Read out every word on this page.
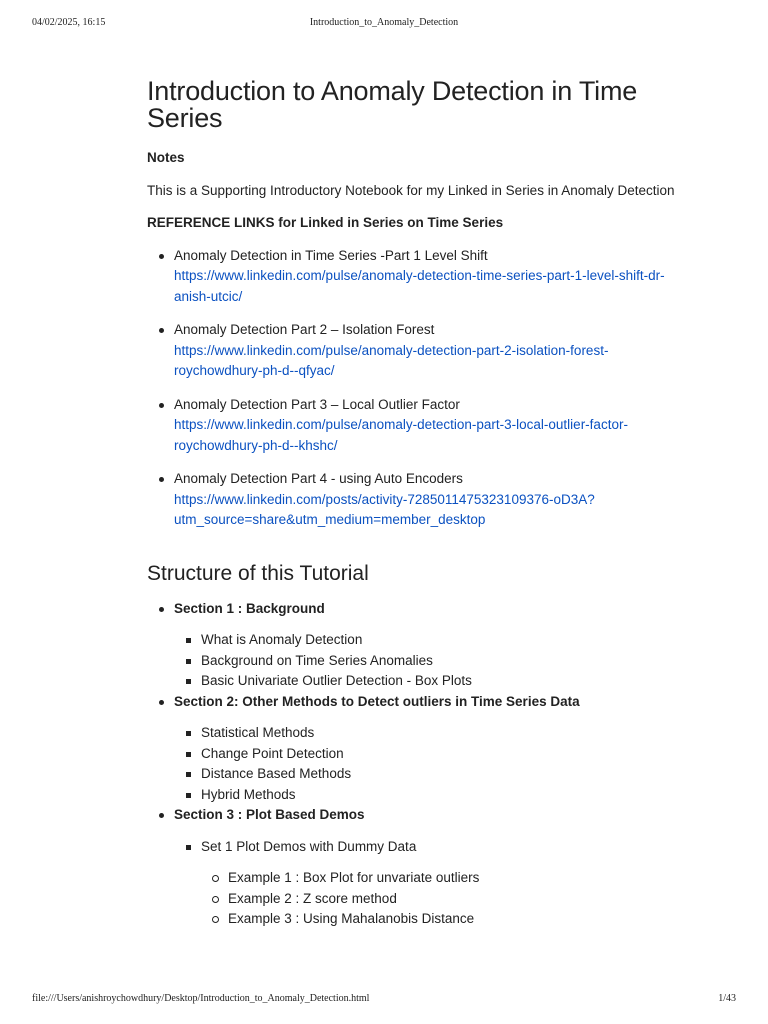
04/02/2025, 16:15	Introduction_to_Anomaly_Detection
Introduction to Anomaly Detection in Time Series

Notes

This is a Supporting Introductory Notebook for my Linked in Series in Anomaly Detection

REFERENCE LINKS for Linked in Series on Time Series

Anomaly Detection in Time Series -Part 1 Level Shift
https://www.linkedin.com/pulse/anomaly-detection-time-series-part-1-level-shift-dr-anish-utcic/
Anomaly Detection Part 2 – Isolation Forest
https://www.linkedin.com/pulse/anomaly-detection-part-2-isolation-forest-roychowdhury-ph-d--qfyac/
Anomaly Detection Part 3 – Local Outlier Factor
https://www.linkedin.com/pulse/anomaly-detection-part-3-local-outlier-factor-roychowdhury-ph-d--khshc/
Anomaly Detection Part 4 - using Auto Encoders
https://www.linkedin.com/posts/activity-7285011475323109376-oD3A?utm_source=share&utm_medium=member_desktop
Structure of this Tutorial
Section 1 : Background
What is Anomaly Detection
Background on Time Series Anomalies
Basic Univariate Outlier Detection - Box Plots
Section 2: Other Methods to Detect outliers in Time Series Data
Statistical Methods
Change Point Detection
Distance Based Methods
Hybrid Methods
Section 3 : Plot Based Demos
Set 1 Plot Demos with Dummy Data
Example 1 : Box Plot for unvariate outliers
Example 2 : Z score method
Example 3 : Using Mahalanobis Distance
file:///Users/anishroychowdhury/Desktop/Introduction_to_Anomaly_Detection.html	1/43
